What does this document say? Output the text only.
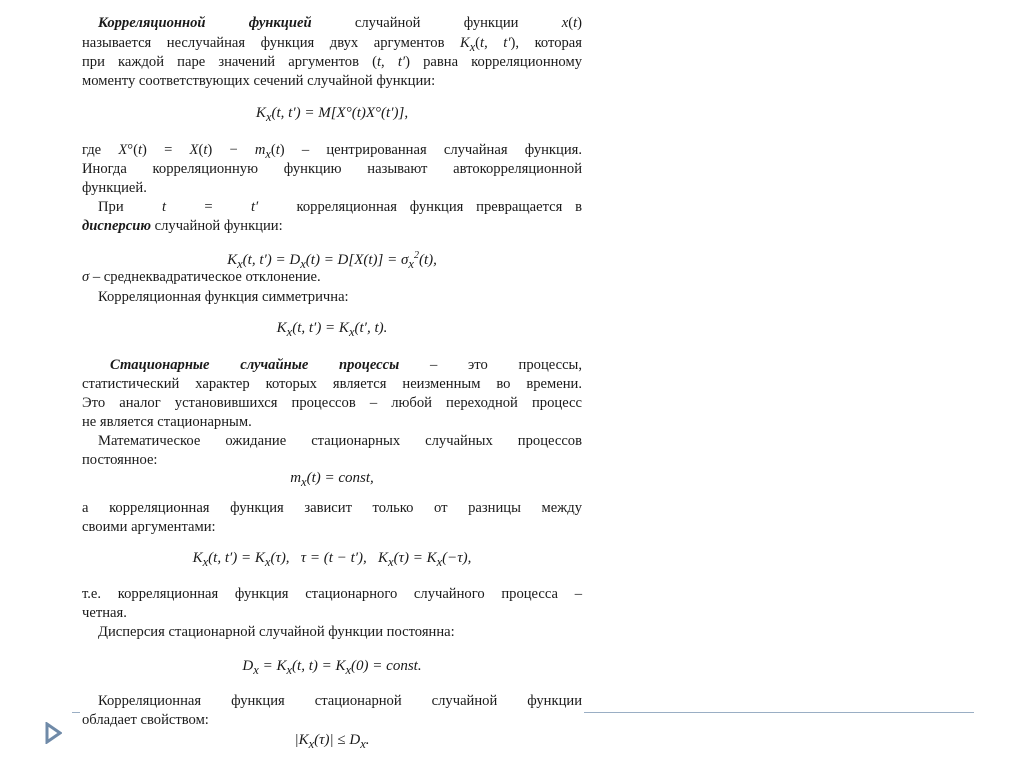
Корреляционной функцией случайной функции x(t)
называется неслучайная функция двух аргументов $K_x(t$, t′), которая
при каждой паре значений аргументов (t, t′) равна корреляционному
моменту соответствующих сечений случайной функции:
$K_x(t$, t′) = M[X°(t)X°(t′)],
где $X^\circ(t) = X(t) - m_x(t)$ – центрированная случайная функция.
Иногда корреляционную функцию называют автокорреляционной
функцией.
При   t   =   t′   корреляционная функция превращается в
дисперсию случайной функции:
$K_x(t$, $t') = D_x(t) = D[X(t)] = \sigma_x^2(t)$,
σ – среднеквадратическое отклонение.
Корреляционная функция симметрична:
$K_x(t$, $t') = K_x(t'$, t).
Стационарные случайные процессы – это процессы,
статистический характер которых является неизменным во времени.
Это аналог установившихся процессов – любой переходной процесс
не является стационарным.
Математическое ожидание стационарных случайных процессов
постоянное:
$m_x(t)$ = const,
а корреляционная функция зависит только от разницы между
своими аргументами:
$K_x(t$, $t') = K_x(\tau)$,   τ = (t − t′),   $K_x(\tau) = K_x(-\tau)$,
т.е. корреляционная функция стационарного случайного процесса –
четная.
Дисперсия стационарной случайной функции постоянна:
$D_x = K_x(t$, $t) = K_x(0)$ = const.
Корреляционная функция стационарной случайной функции
обладает свойством:
$|K_x(\tau)| \le D_x$.
